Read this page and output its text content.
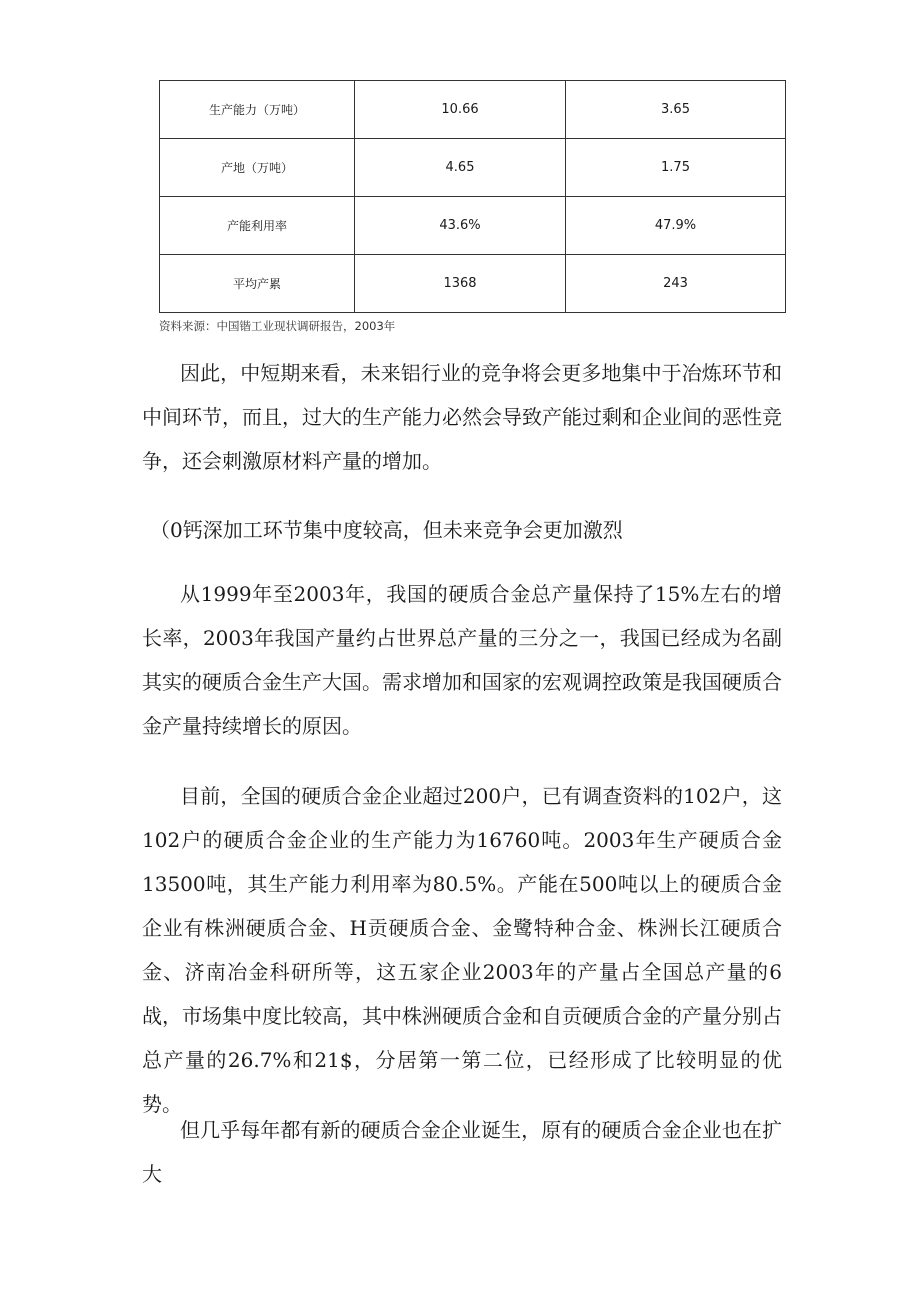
生产能力（万吨）	10.66	3.65
产地（万吨）	4.65	1.75
产能利用率	43.6%	47.9%
平均产累	1368	243
资料来源：中国锴工业现状调研报告，2003年

因此，中短期来看，未来铝行业的竞争将会更多地集中于冶炼环节和中间环节，而且，过大的生产能力必然会导致产能过剩和企业间的恶性竞争，还会刺激原材料产量的增加。

（0钙深加工环节集中度较高，但未来竞争会更加激烈

从1999年至2003年，我国的硬质合金总产量保持了15%左右的增长率，2003年我国产量约占世界总产量的三分之一，我国已经成为名副其实的硬质合金生产大国。需求增加和国家的宏观调控政策是我国硬质合金产量持续增长的原因。

目前，全国的硬质合金企业超过200户，已有调查资料的102户，这102户的硬质合金企业的生产能力为16760吨。2003年生产硬质合金13500吨，其生产能力利用率为80.5%。产能在500吨以上的硬质合金企业有株洲硬质合金、H贡硬质合金、金鹭特种合金、株洲长江硬质合金、济南冶金科研所等，这五家企业2003年的产量占全国总产量的6战，市场集中度比较高，其中株洲硬质合金和自贡硬质合金的产量分别占总产量的26.7%和21$，分居第一第二位，已经形成了比较明显的优势。

但几乎每年都有新的硬质合金企业诞生，原有的硬质合金企业也在扩大
